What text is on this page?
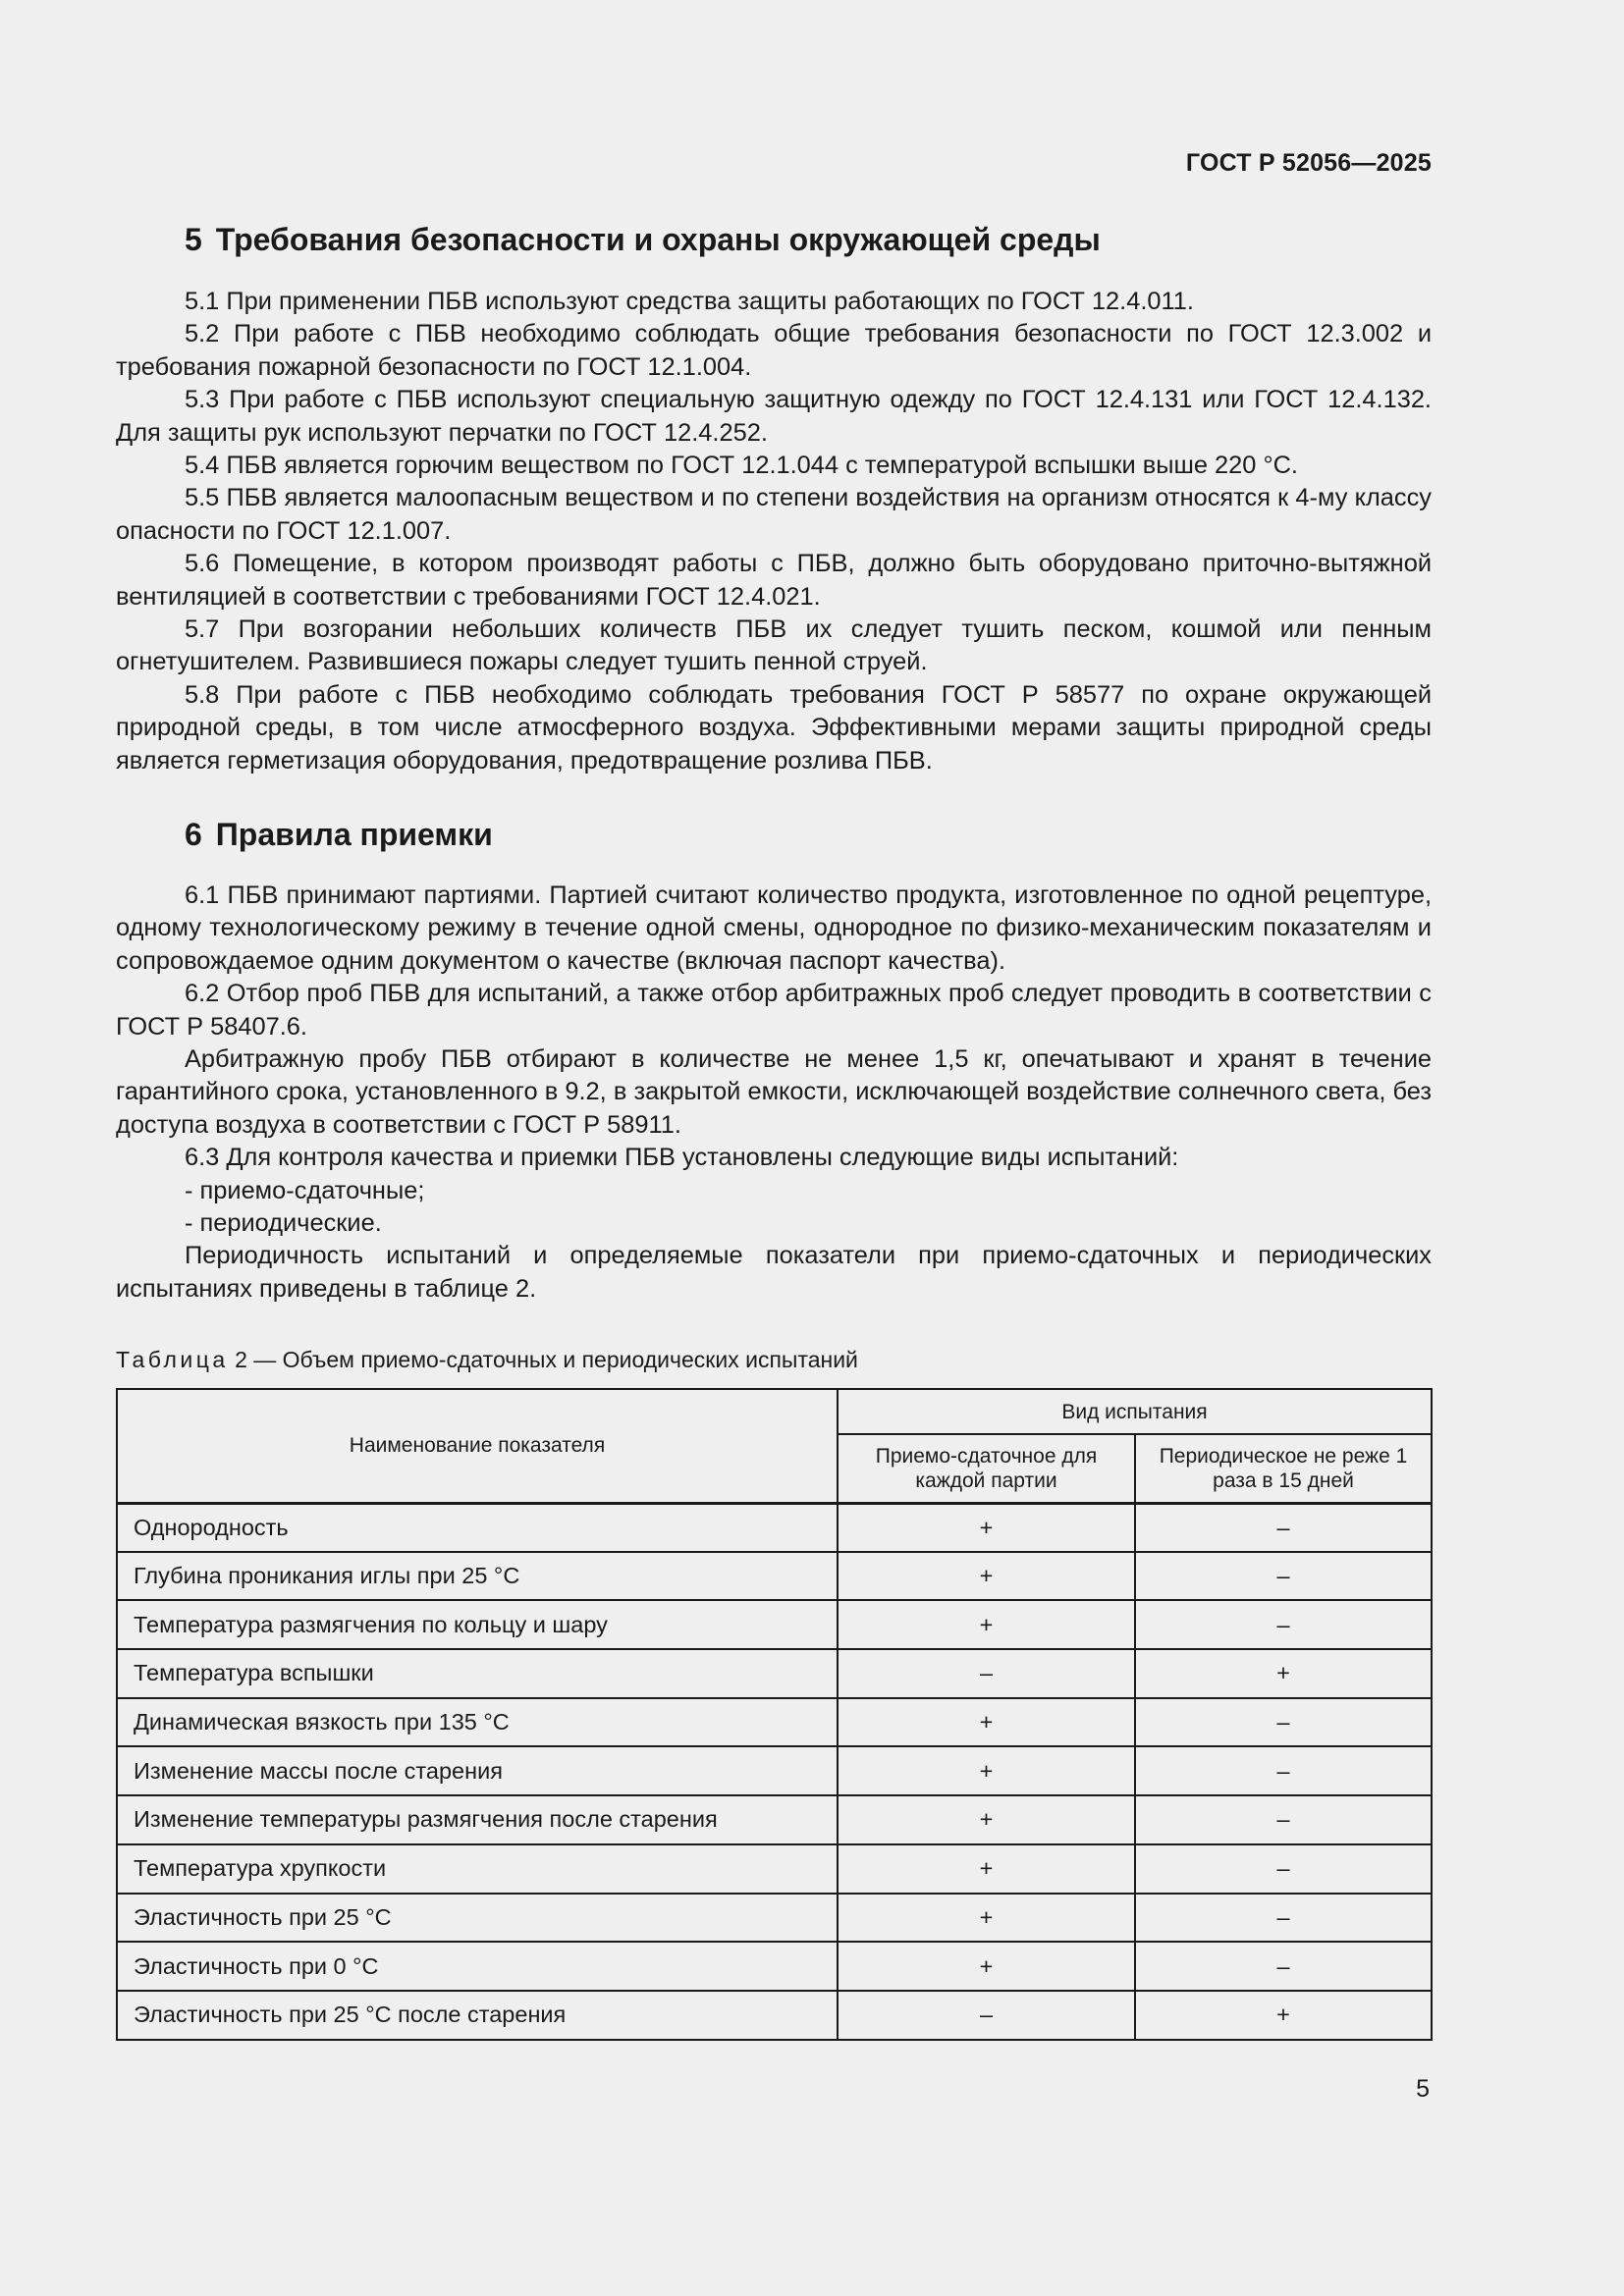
ГОСТ Р 52056—2025
5 Требования безопасности и охраны окружающей среды

5.1 При применении ПБВ используют средства защиты работающих по ГОСТ 12.4.011.

5.2 При работе с ПБВ необходимо соблюдать общие требования безопасности по ГОСТ 12.3.002 и требования пожарной безопасности по ГОСТ 12.1.004.

5.3 При работе с ПБВ используют специальную защитную одежду по ГОСТ 12.4.131 или ГОСТ 12.4.132. Для защиты рук используют перчатки по ГОСТ 12.4.252.

5.4 ПБВ является горючим веществом по ГОСТ 12.1.044 с температурой вспышки выше 220 °С.

5.5 ПБВ является малоопасным веществом и по степени воздействия на организм относятся к 4-му классу опасности по ГОСТ 12.1.007.

5.6 Помещение, в котором производят работы с ПБВ, должно быть оборудовано приточно-вытяжной вентиляцией в соответствии с требованиями ГОСТ 12.4.021.

5.7 При возгорании небольших количеств ПБВ их следует тушить песком, кошмой или пенным огнетушителем. Развившиеся пожары следует тушить пенной струей.

5.8 При работе с ПБВ необходимо соблюдать требования ГОСТ Р 58577 по охране окружающей природной среды, в том числе атмосферного воздуха. Эффективными мерами защиты природной среды является герметизация оборудования, предотвращение розлива ПБВ.

6 Правила приемки

6.1 ПБВ принимают партиями. Партией считают количество продукта, изготовленное по одной рецептуре, одному технологическому режиму в течение одной смены, однородное по физико-механическим показателям и сопровождаемое одним документом о качестве (включая паспорт качества).

6.2 Отбор проб ПБВ для испытаний, а также отбор арбитражных проб следует проводить в соответствии с ГОСТ Р 58407.6.

Арбитражную пробу ПБВ отбирают в количестве не менее 1,5 кг, опечатывают и хранят в течение гарантийного срока, установленного в 9.2, в закрытой емкости, исключающей воздействие солнечного света, без доступа воздуха в соответствии с ГОСТ Р 58911.

6.3 Для контроля качества и приемки ПБВ установлены следующие виды испытаний:

- приемо-сдаточные;

- периодические.

Периодичность испытаний и определяемые показатели при приемо-сдаточных и периодических испытаниях приведены в таблице 2.

Таблица 2 — Объем приемо-сдаточных и периодических испытаний
Наименование показателя	Вид испытания	
	Приемо-сдаточное для каждой партии	Периодическое не реже 1 раза в 15 дней
Однородность	+	–
Глубина проникания иглы при 25 °С	+	–
Температура размягчения по кольцу и шару	+	–
Температура вспышки	–	+
Динамическая вязкость при 135 °С	+	–
Изменение массы после старения	+	–
Изменение температуры размягчения после старения	+	–
Температура хрупкости	+	–
Эластичность при 25 °С	+	–
Эластичность при 0 °С	+	–
Эластичность при 25 °С после старения	–	+
5
